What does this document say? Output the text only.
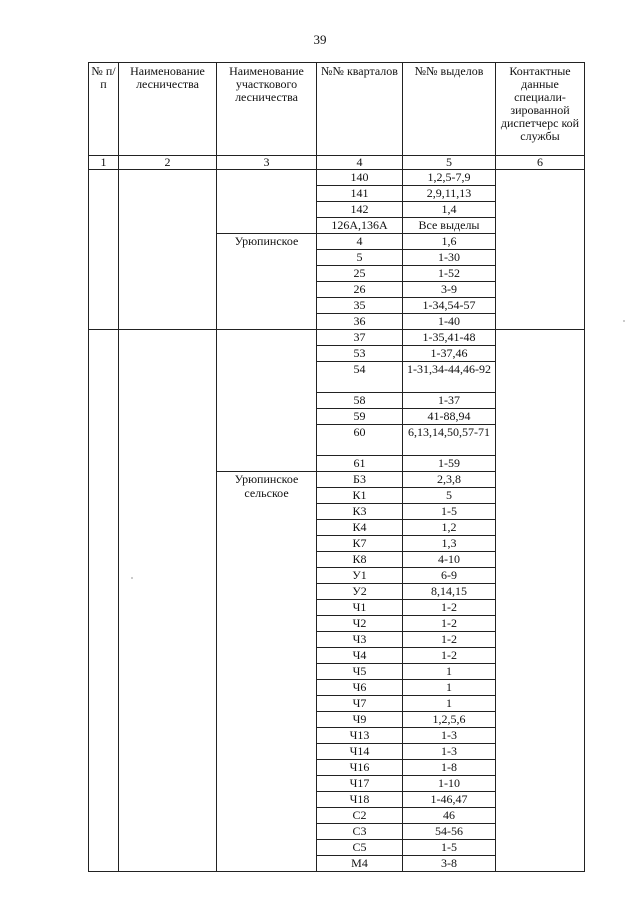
39
№ п/п	Наименование лесничества	Наименование участкового лесничества	№№ кварталов	№№ выделов	Контактные данные специали- зированной диспетчерс кой службы
1	2	3	4	5	6
			140	1,2,5-7,9	
			141	2,9,11,13	
			142	1,4	
			126А,136А	Все выделы	
		Урюпинское	4	1,6	
			5	1-30	
			25	1-52	
			26	3-9	
			35	1-34,54-57	
			36	1-40	
			37	1-35,41-48	
			53	1-37,46	
			54	1-31,34-44,46-92	
			58	1-37	
			59	41-88,94	
			60	6,13,14,50,57-71	
			61	1-59	
		Урюпинское сельское	Б3	2,3,8	
			К1	5	
			К3	1-5	
			К4	1,2	
			К7	1,3	
			К8	4-10	
			У1	6-9	
			У2	8,14,15	
			Ч1	1-2	
			Ч2	1-2	
			Ч3	1-2	
			Ч4	1-2	
			Ч5	1	
			Ч6	1	
			Ч7	1	
			Ч9	1,2,5,6	
			Ч13	1-3	
			Ч14	1-3	
			Ч16	1-8	
			Ч17	1-10	
			Ч18	1-46,47	
			С2	46	
			С3	54-56	
			С5	1-5	
			М4	3-8	
